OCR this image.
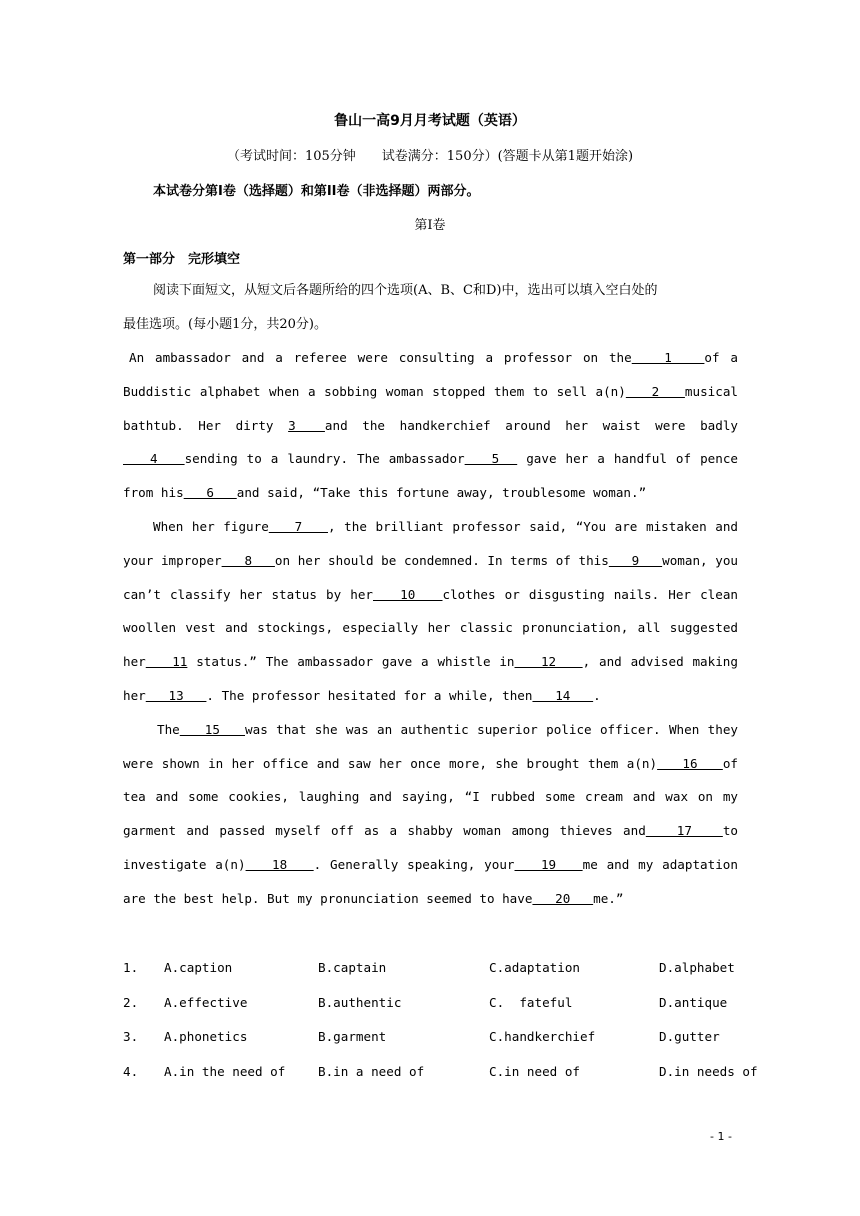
鲁山一高9月月考试题（英语）
（考试时间：105分钟　　试卷满分：150分）(答题卡从第1题开始涂)
本试卷分第I卷（选择题）和第II卷（非选择题）两部分。
第I卷
第一部分　完形填空
阅读下面短文，从短文后各题所给的四个选项(A、B、C和D)中，选出可以填入空白处的
最佳选项。(每小题1分，共20分)。

An ambassador and a referee were consulting a professor on the   1   of a Buddistic alphabet when a sobbing woman stopped them to sell a(n)   2   musical bathtub. Her dirty 3  and the handkerchief around her waist were badly   4   sending to a laundry. The ambassador   5   gave her a handful of pence from his   6   and said, “Take this fortune away, troublesome woman.”

When her figure   7   , the brilliant professor said, “You are mistaken and your improper   8   on her should be condemned. In terms of this   9   woman, you can’t classify her status by her   10   clothes or disgusting nails. Her clean woollen vest and stockings, especially her classic pronunciation, all suggested her   11 status.” The ambassador gave a whistle in   12   , and advised making her   13   . The professor hesitated for a while, then   14   .

The   15   was that she was an authentic superior police officer. When they were shown in her office and saw her once more, she brought them a(n)   16   of tea and some cookies, laughing and saying, “I rubbed some cream and wax on my garment and passed myself off as a shabby woman among thieves and   17   to investigate a(n)   18   . Generally speaking, your   19   me and my adaptation are the best help. But my pronunciation seemed to have   20   me.”

1. A.caption	B.captain	C.adaptation	D.alphabet
2. A.effective	B.authentic	C.  fateful	D.antique
3. A.phonetics	B.garment	C.handkerchief	D.gutter
4. A.in the need of	B.in a need of	C.in need of	D.in needs of
- 1 -
